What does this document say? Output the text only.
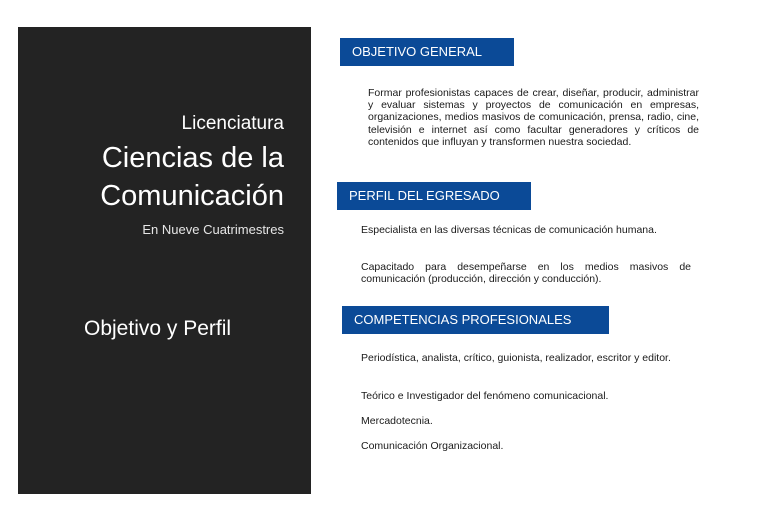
Licenciatura

Ciencias de la
Comunicación

En Nueve Cuatrimestres

Objetivo y Perfil

OBJETIVO GENERAL

Formar profesionistas capaces de crear, diseñar, producir, administrar y evaluar sistemas y proyectos de comunicación en empresas, organizaciones, medios masivos de comunicación, prensa, radio, cine, televisión e internet así como facultar generadores y críticos de contenidos que influyan y transformen nuestra sociedad.

PERFIL DEL EGRESADO

Especialista en las diversas técnicas de comunicación humana.

Capacitado para desempeñarse en los medios masivos de comunicación (producción, dirección y conducción).

COMPETENCIAS PROFESIONALES

Periodística, analista, crítico, guionista, realizador, escritor y editor.

Teórico e Investigador del fenómeno comunicacional.

Mercadotecnia.

Comunicación Organizacional.
